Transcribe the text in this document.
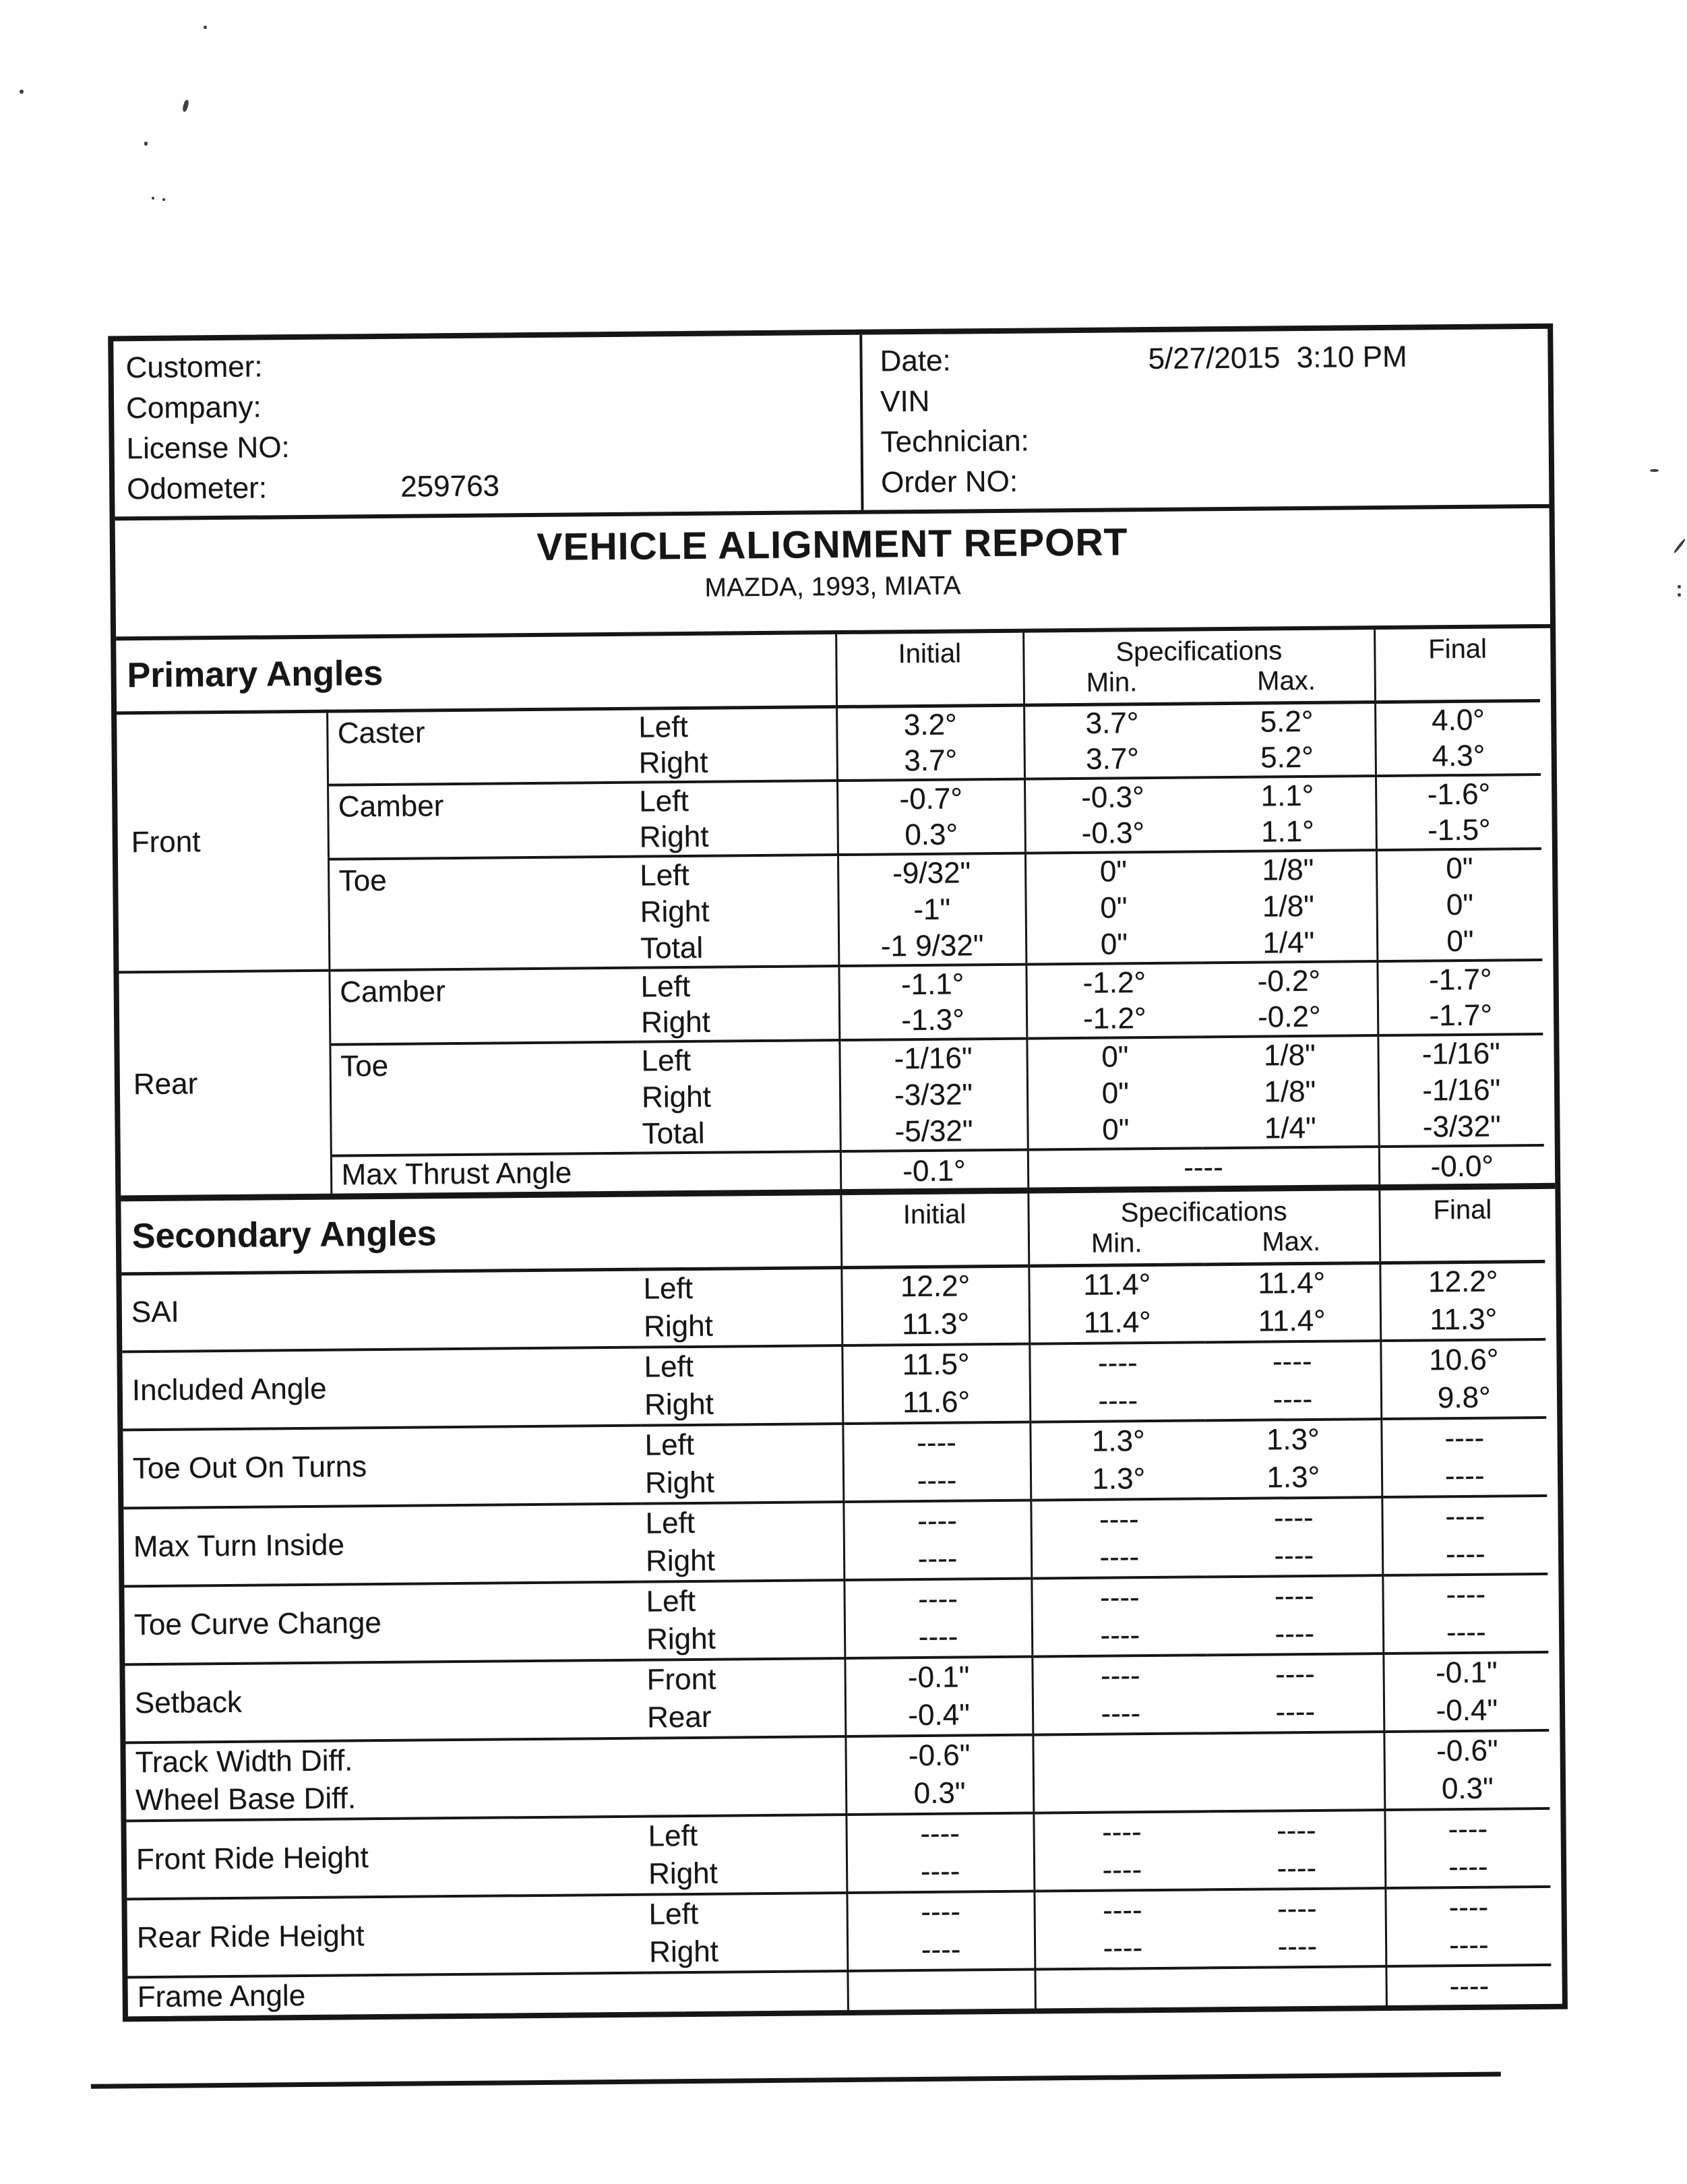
Customer:
Company:
License NO:
Odometer:	259763
Date:	5/27/2015  3:10 PM
VIN
Technician:
Order NO:
VEHICLE ALIGNMENT REPORT
MAZDA, 1993, MIATA
Primary Angles			Initial	Specifications		Final
				Min.	Max.	
Front	Caster	Left	3.2°	3.7°	5.2°	4.0°
		Right	3.7°	3.7°	5.2°	4.3°
	Camber	Left	-0.7°	-0.3°	1.1°	-1.6°
		Right	0.3°	-0.3°	1.1°	-1.5°
	Toe	Left	-9/32"	0"	1/8"	0"
		Right	-1"	0"	1/8"	0"
		Total	-1 9/32"	0"	1/4"	0"
Rear	Camber	Left	-1.1°	-1.2°	-0.2°	-1.7°
		Right	-1.3°	-1.2°	-0.2°	-1.7°
	Toe	Left	-1/16"	0"	1/8"	-1/16"
		Right	-3/32"	0"	1/8"	-1/16"
		Total	-5/32"	0"	1/4"	-3/32"
	Max Thrust Angle		-0.1°	----		-0.0°
Secondary Angles		Initial	Specifications		Final
			Min.	Max.	
SAI	Left	12.2°	11.4°	11.4°	12.2°
	Right	11.3°	11.4°	11.4°	11.3°
Included Angle	Left	11.5°	----	----	10.6°
	Right	11.6°	----	----	9.8°
Toe Out On Turns	Left	----	1.3°	1.3°	----
	Right	----	1.3°	1.3°	----
Max Turn Inside	Left	----	----	----	----
	Right	----	----	----	----
Toe Curve Change	Left	----	----	----	----
	Right	----	----	----	----
Setback	Front	-0.1"	----	----	-0.1"
	Rear	-0.4"	----	----	-0.4"
Track Width Diff.		-0.6"			-0.6"
Wheel Base Diff.		0.3"			0.3"
Front Ride Height	Left	----	----	----	----
	Right	----	----	----	----
Rear Ride Height	Left	----	----	----	----
	Right	----	----	----	----
Frame Angle					----
